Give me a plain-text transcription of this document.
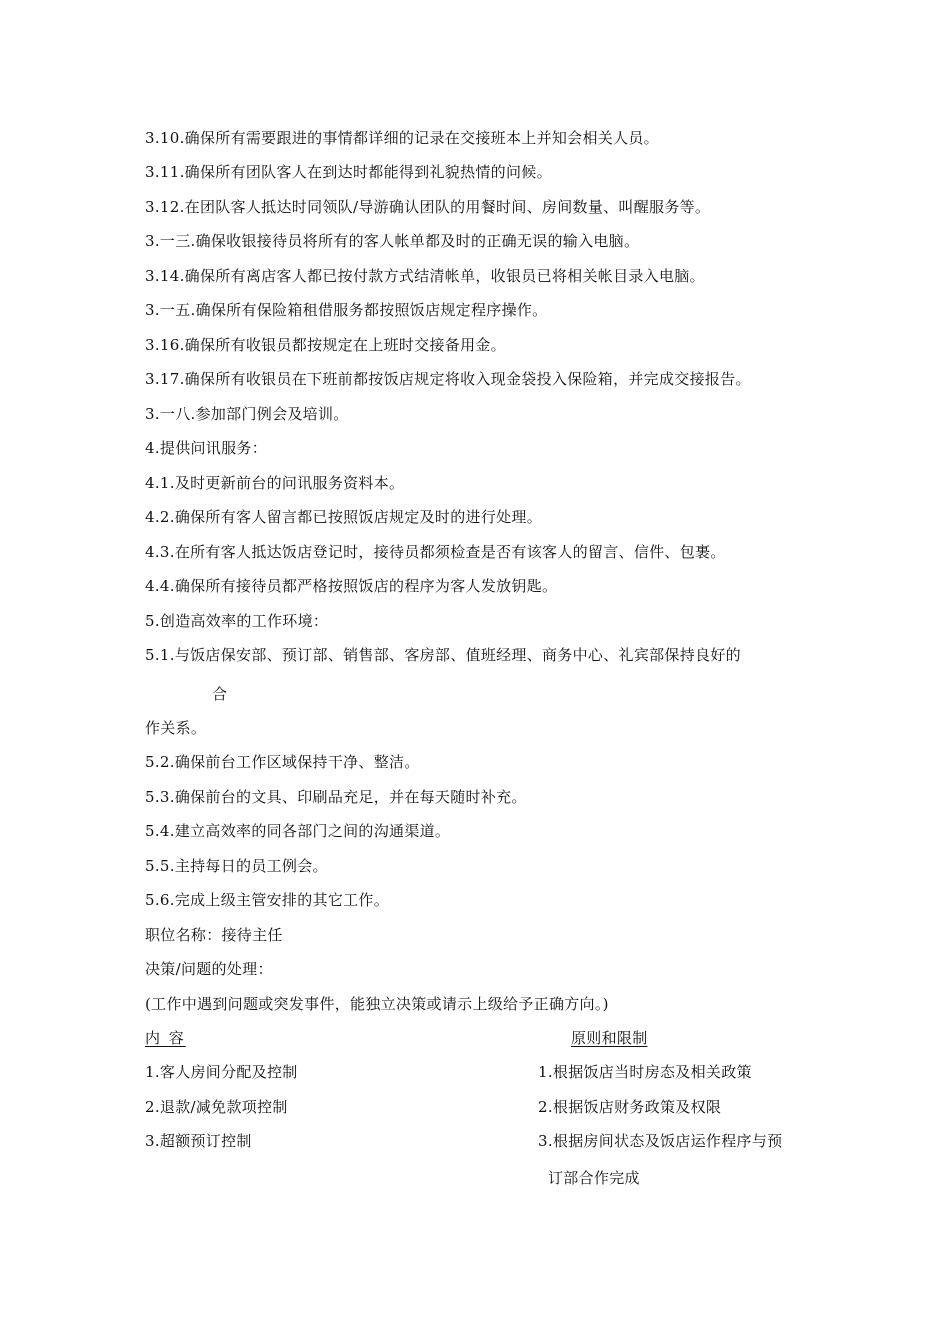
3.10.确保所有需要跟进的事情都详细的记录在交接班本上并知会相关人员。
3.11.确保所有团队客人在到达时都能得到礼貌热情的问候。
3.12.在团队客人抵达时同领队/导游确认团队的用餐时间、房间数量、叫醒服务等。
3.一三.确保收银接待员将所有的客人帐单都及时的正确无误的输入电脑。
3.14.确保所有离店客人都已按付款方式结清帐单，收银员已将相关帐目录入电脑。
3.一五.确保所有保险箱租借服务都按照饭店规定程序操作。
3.16.确保所有收银员都按规定在上班时交接备用金。
3.17.确保所有收银员在下班前都按饭店规定将收入现金袋投入保险箱，并完成交接报告。
3.一八.参加部门例会及培训。
4.提供问讯服务：
4.1.及时更新前台的问讯服务资料本。
4.2.确保所有客人留言都已按照饭店规定及时的进行处理。
4.3.在所有客人抵达饭店登记时，接待员都须检查是否有该客人的留言、信件、包裹。
4.4.确保所有接待员都严格按照饭店的程序为客人发放钥匙。
5.创造高效率的工作环境：
5.1.与饭店保安部、预订部、销售部、客房部、值班经理、商务中心、礼宾部保持良好的
合
作关系。
5.2.确保前台工作区域保持干净、整洁。
5.3.确保前台的文具、印刷品充足，并在每天随时补充。
5.4.建立高效率的同各部门之间的沟通渠道。
5.5.主持每日的员工例会。
5.6.完成上级主管安排的其它工作。
职位名称：接待主任
决策/问题的处理：
(工作中遇到问题或突发事件，能独立决策或请示上级给予正确方向。)
内 容	原则和限制
1.客人房间分配及控制	1.根据饭店当时房态及相关政策
2.退款/减免款项控制	2.根据饭店财务政策及权限
3.超额预订控制	3.根据房间状态及饭店运作程序与预
订部合作完成
